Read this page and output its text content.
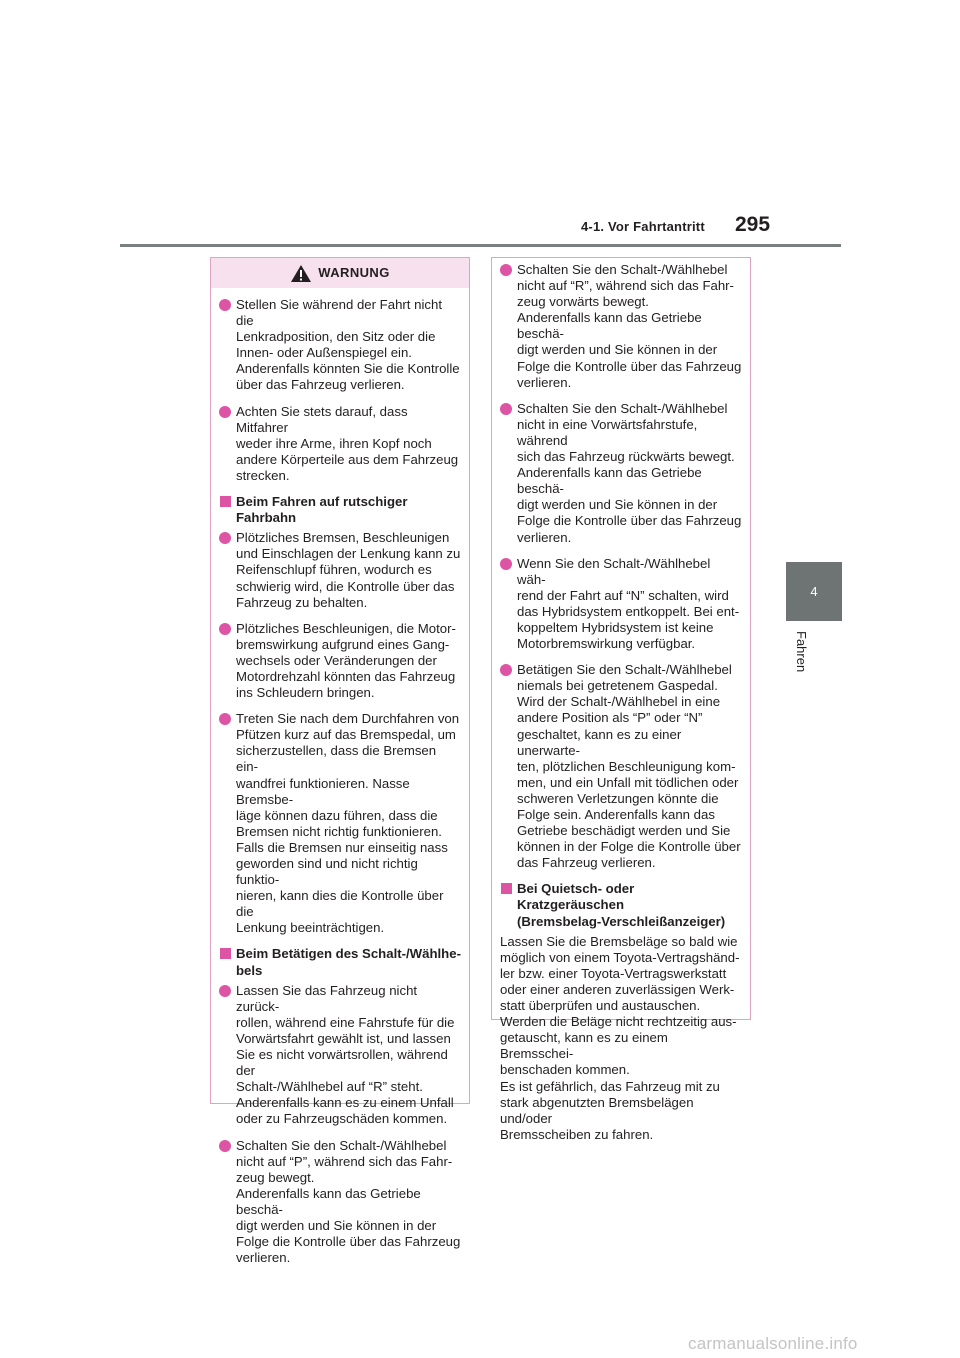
4-1. Vor Fahrtantritt 295
4
Fahren
WARNUNG
Stellen Sie während der Fahrt nicht die
Lenkradposition, den Sitz oder die
Innen- oder Außenspiegel ein.
Anderenfalls könnten Sie die Kontrolle
über das Fahrzeug verlieren.
Achten Sie stets darauf, dass Mitfahrer
weder ihre Arme, ihren Kopf noch
andere Körperteile aus dem Fahrzeug
strecken.
Beim Fahren auf rutschiger Fahrbahn
Plötzliches Bremsen, Beschleunigen
und Einschlagen der Lenkung kann zu
Reifenschlupf führen, wodurch es
schwierig wird, die Kontrolle über das
Fahrzeug zu behalten.
Plötzliches Beschleunigen, die Motor-
bremswirkung aufgrund eines Gang-
wechsels oder Veränderungen der
Motordrehzahl könnten das Fahrzeug
ins Schleudern bringen.
Treten Sie nach dem Durchfahren von
Pfützen kurz auf das Bremspedal, um
sicherzustellen, dass die Bremsen ein-
wandfrei funktionieren. Nasse Bremsbe-
läge können dazu führen, dass die
Bremsen nicht richtig funktionieren.
Falls die Bremsen nur einseitig nass
geworden sind und nicht richtig funktio-
nieren, kann dies die Kontrolle über die
Lenkung beeinträchtigen.
Beim Betätigen des Schalt-/Wählhe-
bels
Lassen Sie das Fahrzeug nicht zurück-
rollen, während eine Fahrstufe für die
Vorwärtsfahrt gewählt ist, und lassen
Sie es nicht vorwärtsrollen, während der
Schalt-/Wählhebel auf “R” steht.
Anderenfalls kann es zu einem Unfall
oder zu Fahrzeugschäden kommen.
Schalten Sie den Schalt-/Wählhebel
nicht auf “P”, während sich das Fahr-
zeug bewegt.
Anderenfalls kann das Getriebe beschä-
digt werden und Sie können in der
Folge die Kontrolle über das Fahrzeug
verlieren.
Schalten Sie den Schalt-/Wählhebel
nicht auf “R”, während sich das Fahr-
zeug vorwärts bewegt.
Anderenfalls kann das Getriebe beschä-
digt werden und Sie können in der
Folge die Kontrolle über das Fahrzeug
verlieren.
Schalten Sie den Schalt-/Wählhebel
nicht in eine Vorwärtsfahrstufe, während
sich das Fahrzeug rückwärts bewegt.
Anderenfalls kann das Getriebe beschä-
digt werden und Sie können in der
Folge die Kontrolle über das Fahrzeug
verlieren.
Wenn Sie den Schalt-/Wählhebel wäh-
rend der Fahrt auf “N” schalten, wird
das Hybridsystem entkoppelt. Bei ent-
koppeltem Hybridsystem ist keine
Motorbremswirkung verfügbar.
Betätigen Sie den Schalt-/Wählhebel
niemals bei getretenem Gaspedal.
Wird der Schalt-/Wählhebel in eine
andere Position als “P” oder “N”
geschaltet, kann es zu einer unerwarte-
ten, plötzlichen Beschleunigung kom-
men, und ein Unfall mit tödlichen oder
schweren Verletzungen könnte die
Folge sein. Anderenfalls kann das
Getriebe beschädigt werden und Sie
können in der Folge die Kontrolle über
das Fahrzeug verlieren.
Bei Quietsch- oder Kratzgeräuschen
(Bremsbelag-Verschleißanzeiger)
Lassen Sie die Bremsbeläge so bald wie
möglich von einem Toyota-Vertragshänd-
ler bzw. einer Toyota-Vertragswerkstatt
oder einer anderen zuverlässigen Werk-
statt überprüfen und austauschen.
Werden die Beläge nicht rechtzeitig aus-
getauscht, kann es zu einem Bremsschei-
benschaden kommen.
Es ist gefährlich, das Fahrzeug mit zu
stark abgenutzten Bremsbelägen und/oder
Bremsscheiben zu fahren.
carmanualsonline.info
